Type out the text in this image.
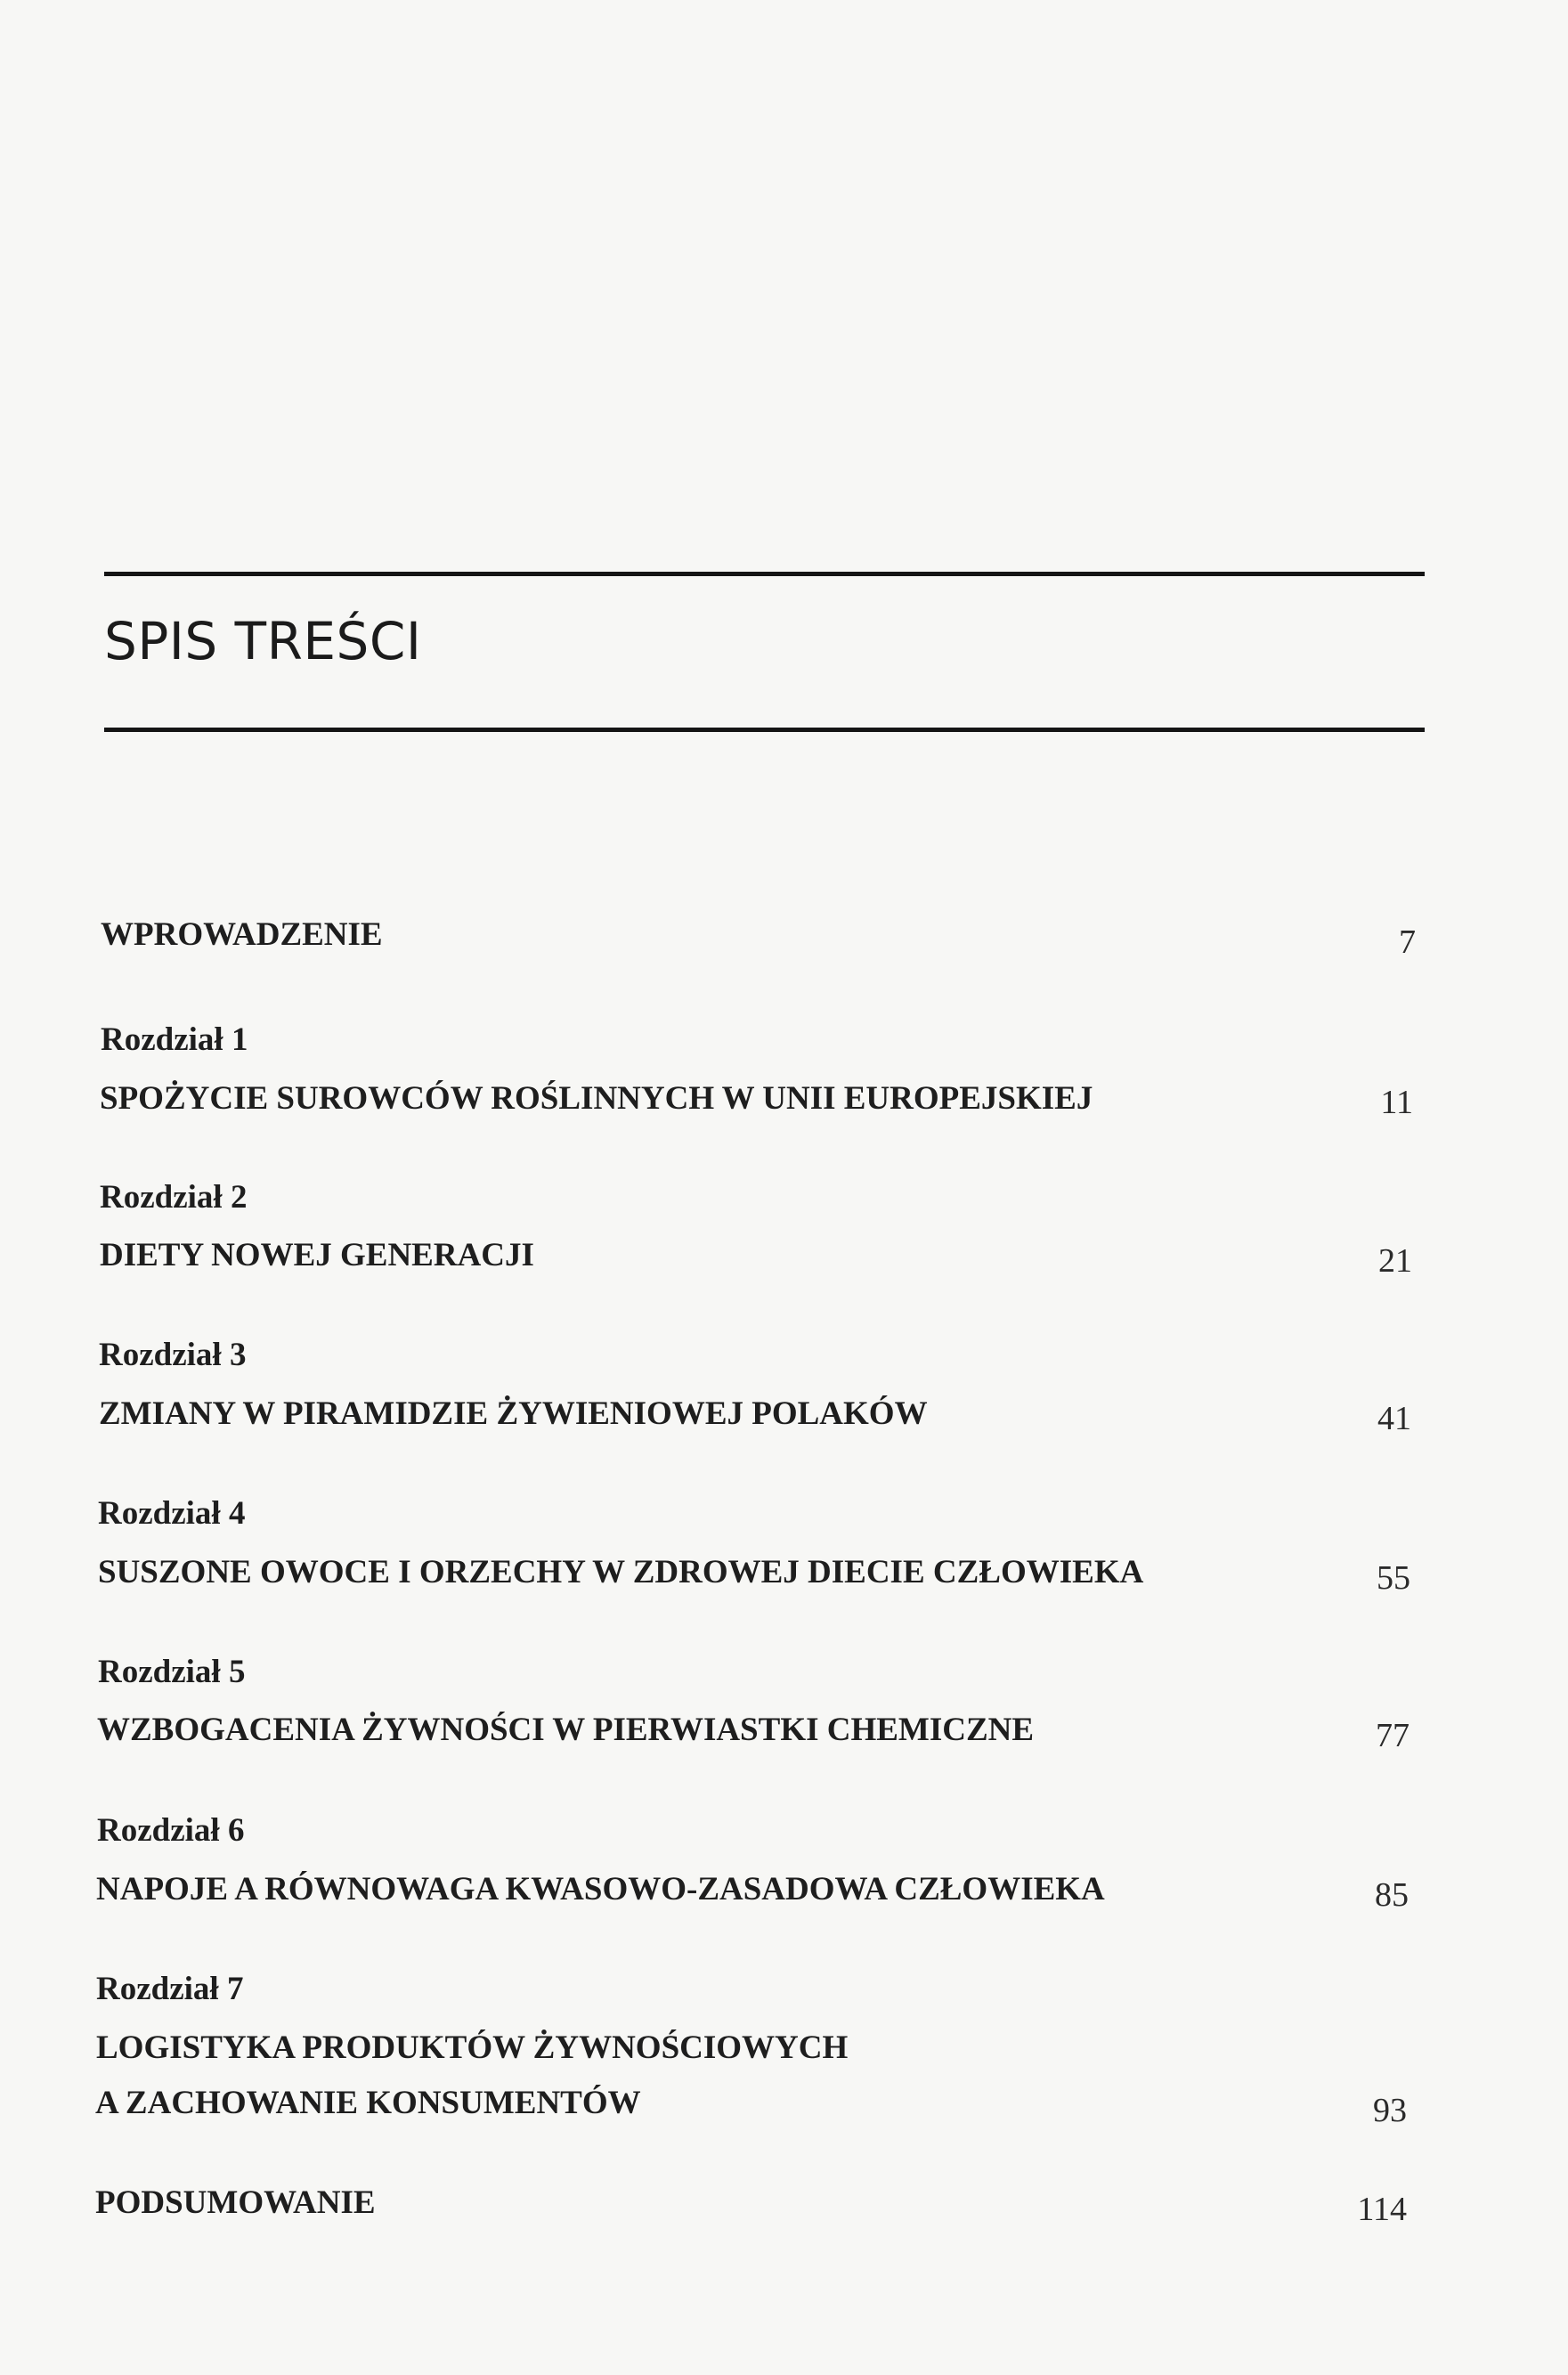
SPIS TREŚCI
WPROWADZENIE	7
Rozdział 1
SPOŻYCIE SUROWCÓW ROŚLINNYCH W UNII EUROPEJSKIEJ	11
Rozdział 2
DIETY NOWEJ GENERACJI	21
Rozdział 3
ZMIANY W PIRAMIDZIE ŻYWIENIOWEJ POLAKÓW	41
Rozdział 4
SUSZONE OWOCE I ORZECHY W ZDROWEJ DIECIE CZŁOWIEKA	55
Rozdział 5
WZBOGACENIA ŻYWNOŚCI W PIERWIASTKI CHEMICZNE	77
Rozdział 6
NAPOJE A RÓWNOWAGA KWASOWO-ZASADOWA CZŁOWIEKA	85
Rozdział 7
LOGISTYKA PRODUKTÓW ŻYWNOŚCIOWYCH
A ZACHOWANIE KONSUMENTÓW	93
PODSUMOWANIE	114
